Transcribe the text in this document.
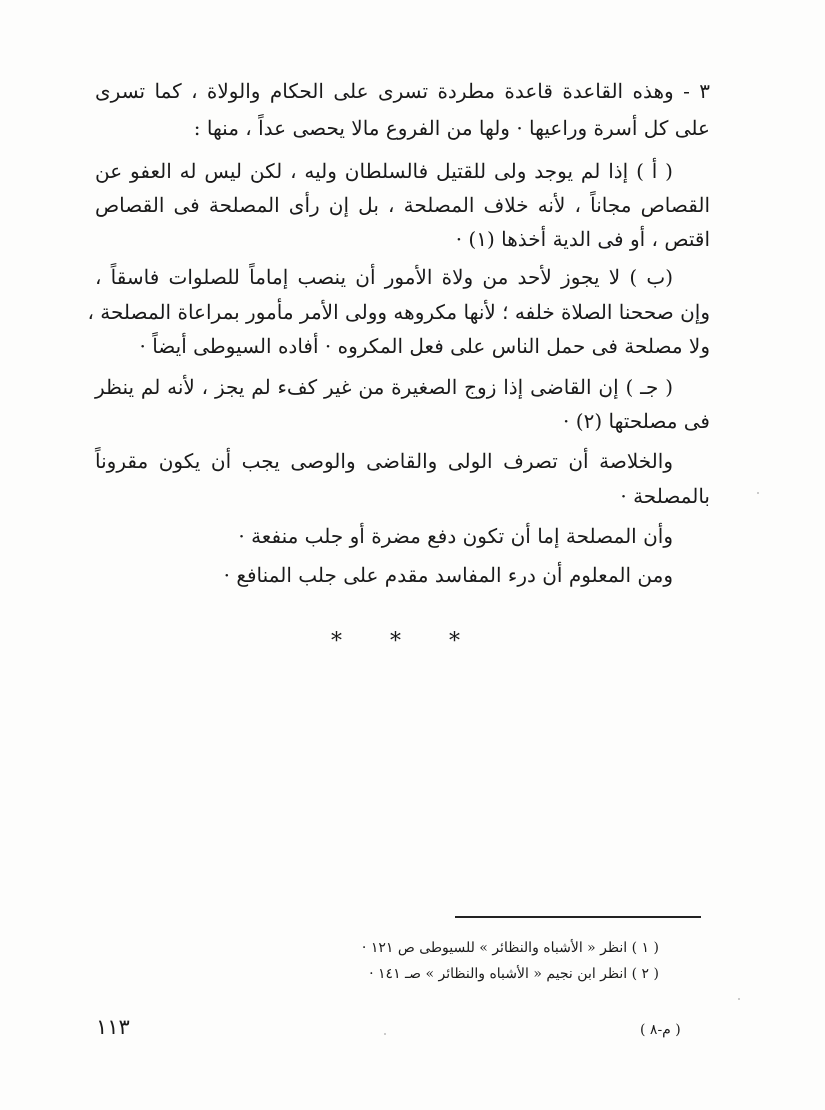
٣ - وهذه القاعدة قاعدة مطردة تسرى على الحكام والولاة ، كما تسرى
على كل أسرة وراعيها · ولها من الفروع مالا يحصى عداً ، منها :
( أ ) إذا لم يوجد ولى للقتيل فالسلطان وليه ، لكن ليس له العفو عن
القصاص مجاناً ، لأنه خلاف المصلحة ، بل إن رأى المصلحة فى القصاص
اقتص ، أو فى الدية أخذها (١) ·
(ب ) لا يجوز لأحد من ولاة الأمور أن ينصب إماماً للصلوات فاسقاً ،
وإن صححنا الصلاة خلفه ؛ لأنها مكروهه وولى الأمر مأمور بمراعاة المصلحة ،
ولا مصلحة فى حمل الناس على فعل المكروه · أفاده السيوطى أيضاً ·
( جـ ) إن القاضى إذا زوج الصغيرة من غير كفء لم يجز ، لأنه لم ينظر
فى مصلحتها (٢) ·
والخلاصة أن تصرف الولى والقاضى والوصى يجب أن يكون مقروناً
بالمصلحة ·
وأن المصلحة إما أن تكون دفع مضرة أو جلب منفعة ·
ومن المعلوم أن درء المفاسد مقدم على جلب المنافع ·
* * *
( ١ ) انظر « الأشباه والنظائر » للسيوطى ص ١٢١ ·
( ٢ ) انظر ابن نجيم « الأشباه والنظائر » صـ ١٤١ ·
١١٣	( م-٨ )
